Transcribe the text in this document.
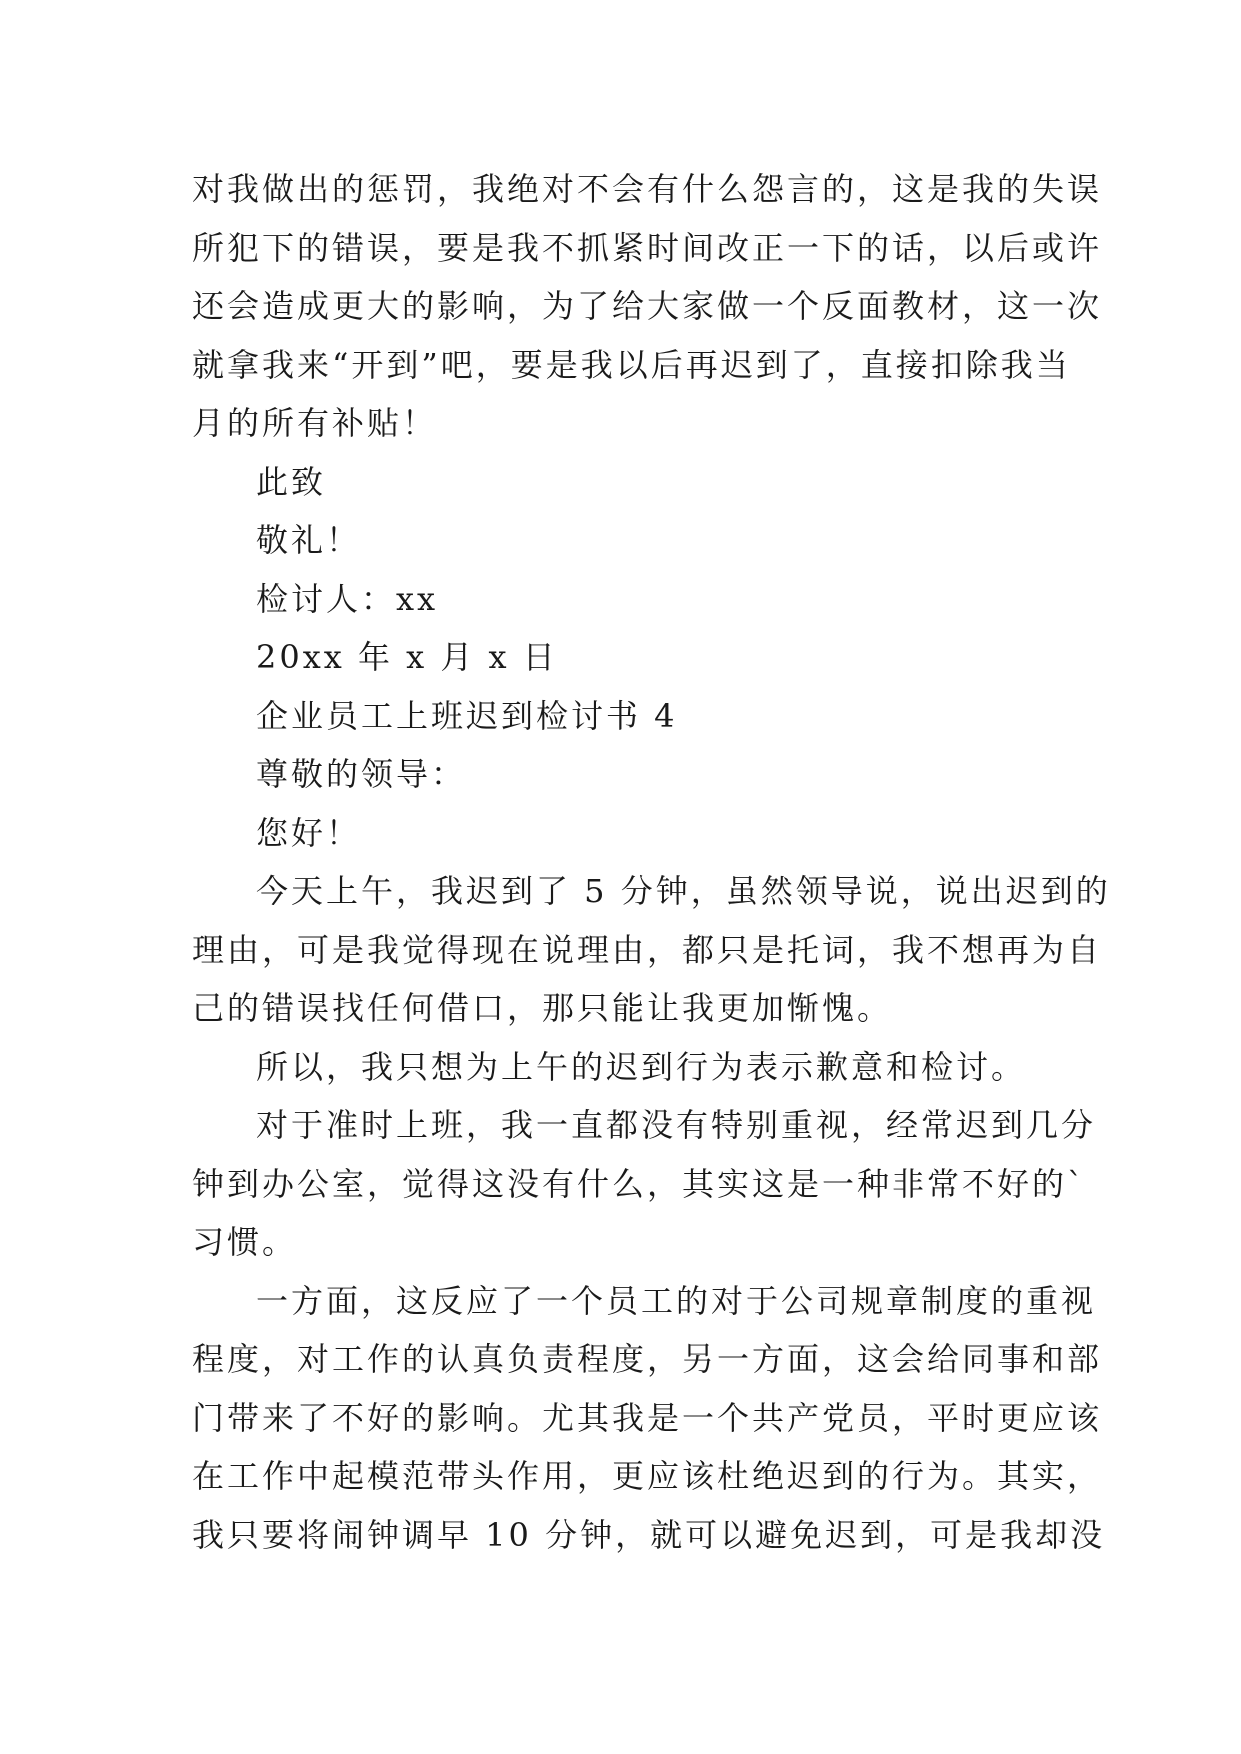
对我做出的惩罚，我绝对不会有什么怨言的，这是我的失误
所犯下的错误，要是我不抓紧时间改正一下的话，以后或许
还会造成更大的影响，为了给大家做一个反面教材，这一次
就拿我来“开到”吧，要是我以后再迟到了，直接扣除我当
月的所有补贴！
此致
敬礼！
检讨人：xx
20xx 年 x 月 x 日
企业员工上班迟到检讨书 4
尊敬的领导：
您好！
今天上午，我迟到了 5 分钟，虽然领导说，说出迟到的
理由，可是我觉得现在说理由，都只是托词，我不想再为自
己的错误找任何借口，那只能让我更加惭愧。
所以，我只想为上午的迟到行为表示歉意和检讨。
对于准时上班，我一直都没有特别重视，经常迟到几分
钟到办公室，觉得这没有什么，其实这是一种非常不好的`
习惯。
一方面，这反应了一个员工的对于公司规章制度的重视
程度，对工作的认真负责程度，另一方面，这会给同事和部
门带来了不好的影响。尤其我是一个共产党员，平时更应该
在工作中起模范带头作用，更应该杜绝迟到的行为。其实，
我只要将闹钟调早 10 分钟，就可以避免迟到，可是我却没
